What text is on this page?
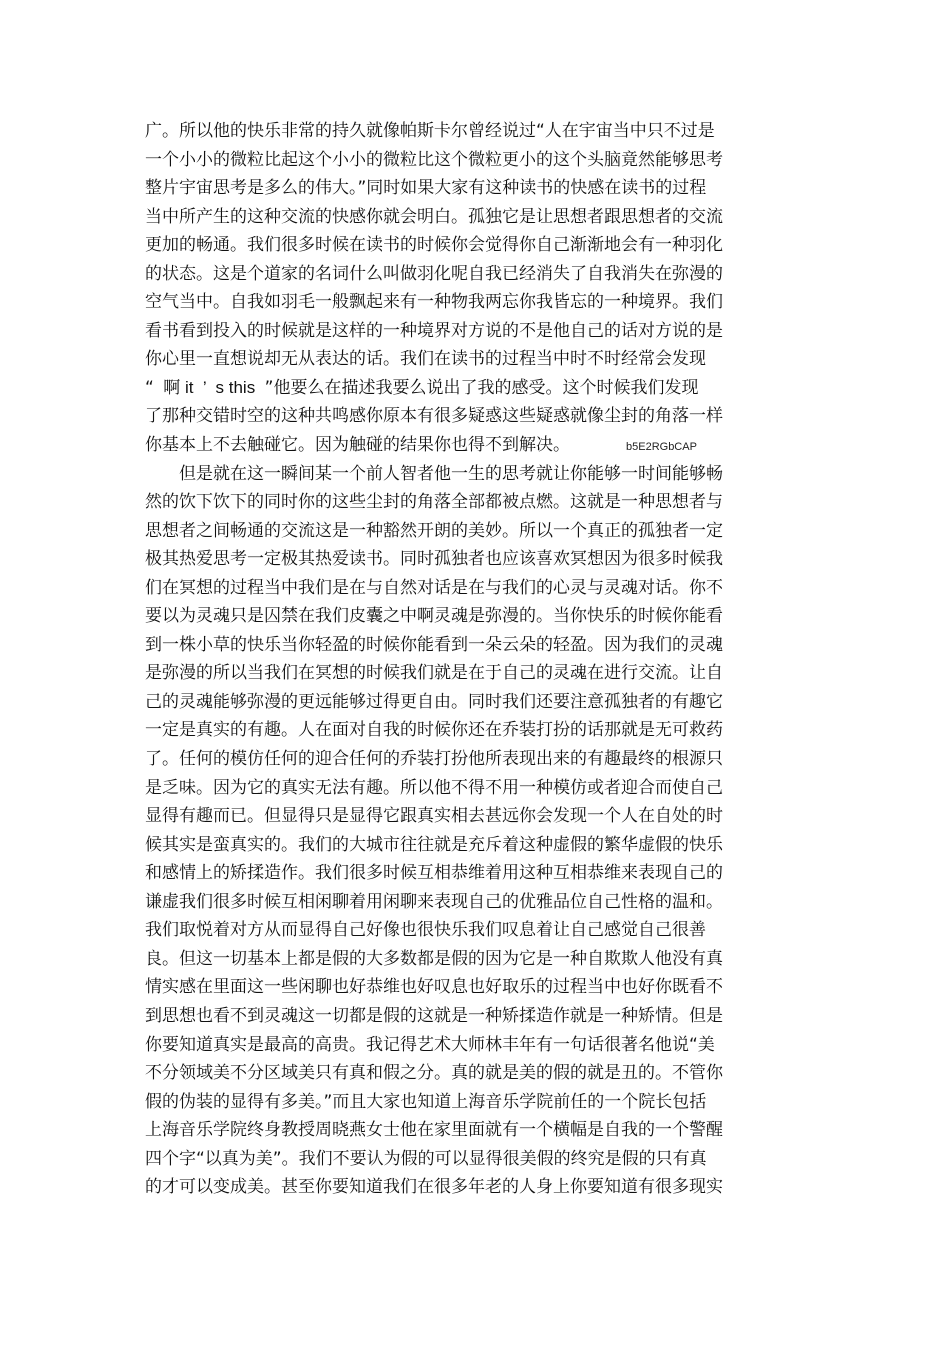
广。所以他的快乐非常的持久就像帕斯卡尔曾经说过“人在宇宙当中只不过是
一个小小的微粒比起这个小小的微粒比这个微粒更小的这个头脑竟然能够思考
整片宇宙思考是多么的伟大。”同时如果大家有这种读书的快感在读书的过程
当中所产生的这种交流的快感你就会明白。孤独它是让思想者跟思想者的交流
更加的畅通。我们很多时候在读书的时候你会觉得你自己渐渐地会有一种羽化
的状态。这是个道家的名词什么叫做羽化呢自我已经消失了自我消失在弥漫的
空气当中。自我如羽毛一般飘起来有一种物我两忘你我皆忘的一种境界。我们
看书看到投入的时候就是这样的一种境界对方说的不是他自己的话对方说的是
你心里一直想说却无从表达的话。我们在读书的过程当中时不时经常会发现
“  啊 it  ’  s this  ”他要么在描述我要么说出了我的感受。这个时候我们发现
了那种交错时空的这种共鸣感你原本有很多疑惑这些疑惑就像尘封的角落一样
你基本上不去触碰它。因为触碰的结果你也得不到解决。	b5E2RGbCAP
但是就在这一瞬间某一个前人智者他一生的思考就让你能够一时间能够畅
然的饮下饮下的同时你的这些尘封的角落全部都被点燃。这就是一种思想者与
思想者之间畅通的交流这是一种豁然开朗的美妙。所以一个真正的孤独者一定
极其热爱思考一定极其热爱读书。同时孤独者也应该喜欢冥想因为很多时候我
们在冥想的过程当中我们是在与自然对话是在与我们的心灵与灵魂对话。你不
要以为灵魂只是囚禁在我们皮囊之中啊灵魂是弥漫的。当你快乐的时候你能看
到一株小草的快乐当你轻盈的时候你能看到一朵云朵的轻盈。因为我们的灵魂
是弥漫的所以当我们在冥想的时候我们就是在于自己的灵魂在进行交流。让自
己的灵魂能够弥漫的更远能够过得更自由。同时我们还要注意孤独者的有趣它
一定是真实的有趣。人在面对自我的时候你还在乔装打扮的话那就是无可救药
了。任何的模仿任何的迎合任何的乔装打扮他所表现出来的有趣最终的根源只
是乏味。因为它的真实无法有趣。所以他不得不用一种模仿或者迎合而使自己
显得有趣而已。但显得只是显得它跟真实相去甚远你会发现一个人在自处的时
候其实是蛮真实的。我们的大城市往往就是充斥着这种虚假的繁华虚假的快乐
和感情上的矫揉造作。我们很多时候互相恭维着用这种互相恭维来表现自己的
谦虚我们很多时候互相闲聊着用闲聊来表现自己的优雅品位自己性格的温和。
我们取悦着对方从而显得自己好像也很快乐我们叹息着让自己感觉自己很善
良。但这一切基本上都是假的大多数都是假的因为它是一种自欺欺人他没有真
情实感在里面这一些闲聊也好恭维也好叹息也好取乐的过程当中也好你既看不
到思想也看不到灵魂这一切都是假的这就是一种矫揉造作就是一种矫情。但是
你要知道真实是最高的高贵。我记得艺术大师林丰年有一句话很著名他说“美
不分领域美不分区域美只有真和假之分。真的就是美的假的就是丑的。不管你
假的伪装的显得有多美。”而且大家也知道上海音乐学院前任的一个院长包括
上海音乐学院终身教授周晓燕女士他在家里面就有一个横幅是自我的一个警醒
四个字“以真为美”。我们不要认为假的可以显得很美假的终究是假的只有真
的才可以变成美。甚至你要知道我们在很多年老的人身上你要知道有很多现实
